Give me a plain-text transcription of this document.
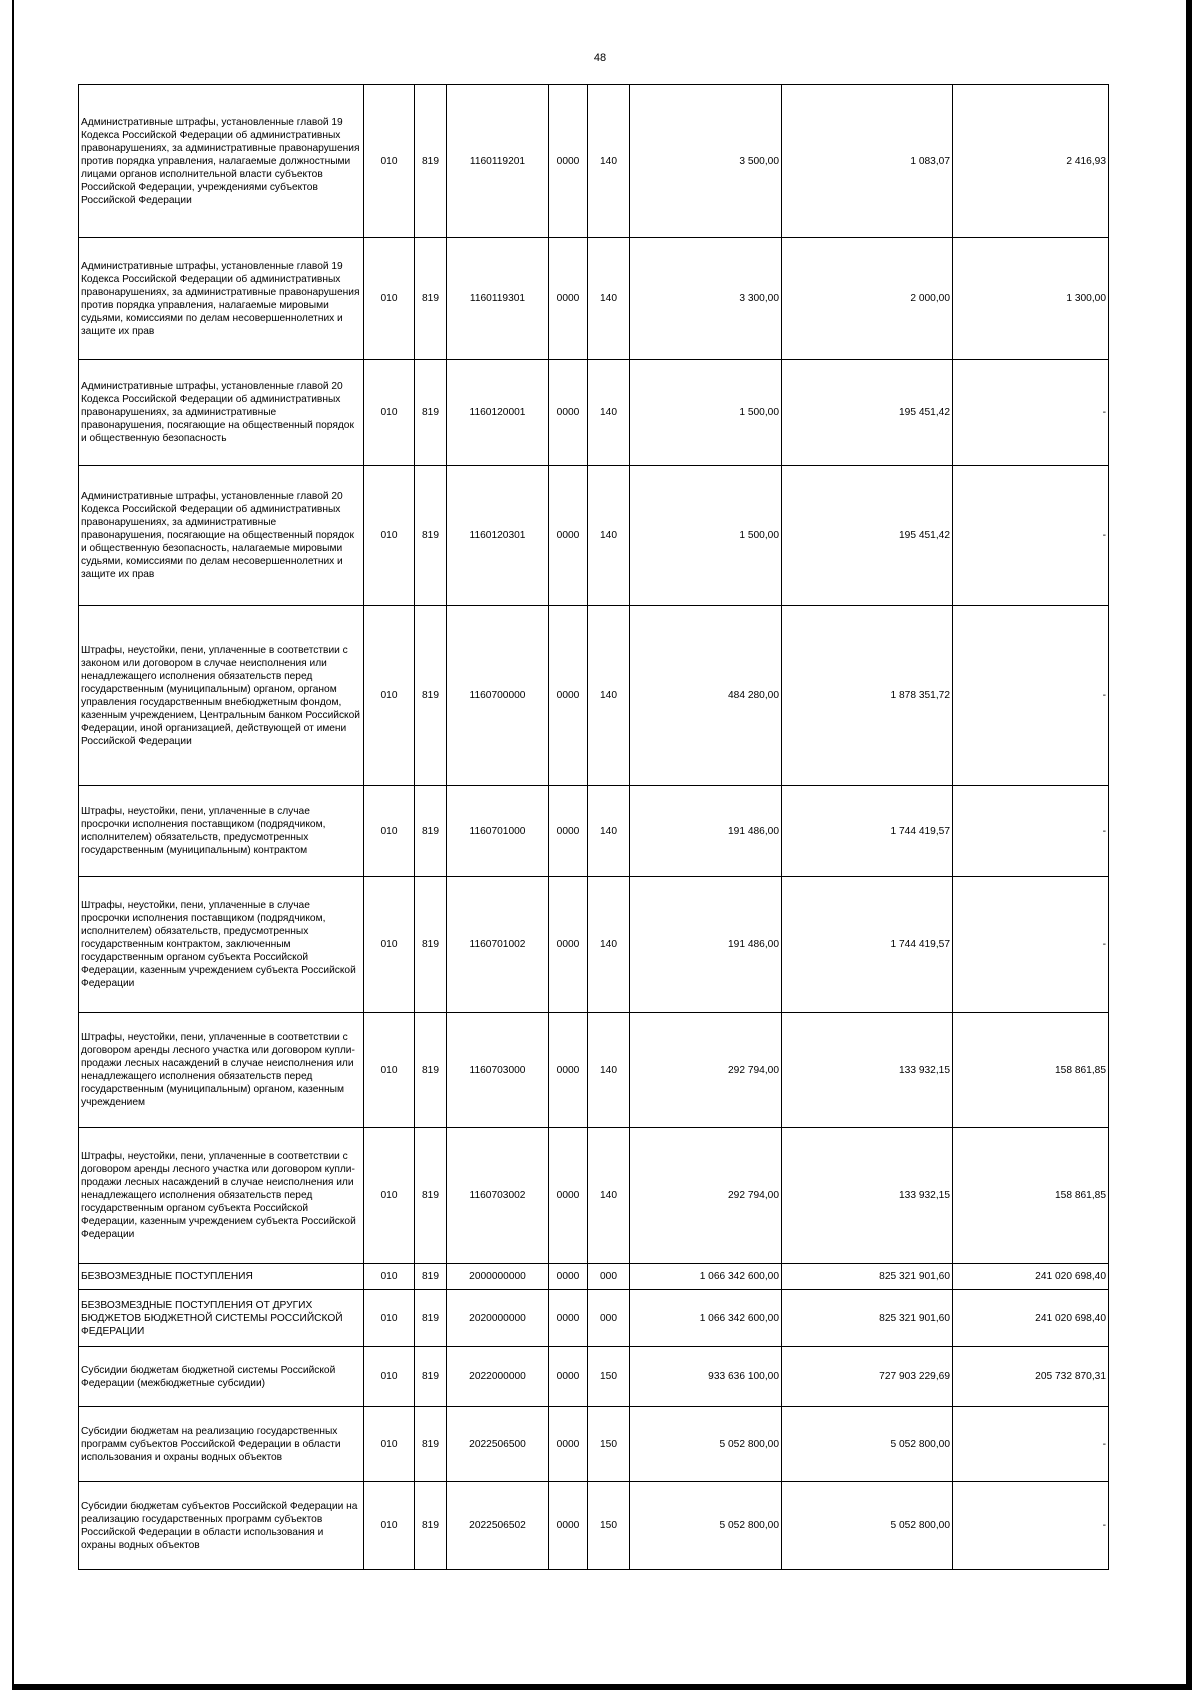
48
Административные штрафы, установленные главой 19 Кодекса Российской Федерации об административных правонарушениях, за административные правонарушения против порядка управления, налагаемые должностными лицами органов исполнительной власти субъектов Российской Федерации, учреждениями субъектов Российской Федерации	010	819	1160119201	0000	140	3 500,00	1 083,07	2 416,93
Административные штрафы, установленные главой 19 Кодекса Российской Федерации об административных правонарушениях, за административные правонарушения против порядка управления, налагаемые мировыми судьями, комиссиями по делам несовершеннолетних и защите их прав	010	819	1160119301	0000	140	3 300,00	2 000,00	1 300,00
Административные штрафы, установленные главой 20 Кодекса Российской Федерации об административных правонарушениях, за административные правонарушения, посягающие на общественный порядок и общественную безопасность	010	819	1160120001	0000	140	1 500,00	195 451,42	-
Административные штрафы, установленные главой 20 Кодекса Российской Федерации об административных правонарушениях, за административные правонарушения, посягающие на общественный порядок и общественную безопасность, налагаемые мировыми судьями, комиссиями по делам несовершеннолетних и защите их прав	010	819	1160120301	0000	140	1 500,00	195 451,42	-
Штрафы, неустойки, пени, уплаченные в соответствии с законом или договором в случае неисполнения или ненадлежащего исполнения обязательств перед государственным (муниципальным) органом, органом управления государственным внебюджетным фондом, казенным учреждением, Центральным банком Российской Федерации, иной организацией, действующей от имени Российской Федерации	010	819	1160700000	0000	140	484 280,00	1 878 351,72	-
Штрафы, неустойки, пени, уплаченные в случае просрочки исполнения поставщиком (подрядчиком, исполнителем) обязательств, предусмотренных государственным (муниципальным) контрактом	010	819	1160701000	0000	140	191 486,00	1 744 419,57	-
Штрафы, неустойки, пени, уплаченные в случае просрочки исполнения поставщиком (подрядчиком, исполнителем) обязательств, предусмотренных государственным контрактом, заключенным государственным органом субъекта Российской Федерации, казенным учреждением субъекта Российской Федерации	010	819	1160701002	0000	140	191 486,00	1 744 419,57	-
Штрафы, неустойки, пени, уплаченные в соответствии с договором аренды лесного участка или договором купли-продажи лесных насаждений в случае неисполнения или ненадлежащего исполнения обязательств перед государственным (муниципальным) органом, казенным учреждением	010	819	1160703000	0000	140	292 794,00	133 932,15	158 861,85
Штрафы, неустойки, пени, уплаченные в соответствии с договором аренды лесного участка или договором купли-продажи лесных насаждений в случае неисполнения или ненадлежащего исполнения обязательств перед государственным органом субъекта Российской Федерации, казенным учреждением субъекта Российской Федерации	010	819	1160703002	0000	140	292 794,00	133 932,15	158 861,85
БЕЗВОЗМЕЗДНЫЕ ПОСТУПЛЕНИЯ	010	819	2000000000	0000	000	1 066 342 600,00	825 321 901,60	241 020 698,40
БЕЗВОЗМЕЗДНЫЕ ПОСТУПЛЕНИЯ ОТ ДРУГИХ БЮДЖЕТОВ БЮДЖЕТНОЙ СИСТЕМЫ РОССИЙСКОЙ ФЕДЕРАЦИИ	010	819	2020000000	0000	000	1 066 342 600,00	825 321 901,60	241 020 698,40
Субсидии бюджетам бюджетной системы Российской Федерации (межбюджетные субсидии)	010	819	2022000000	0000	150	933 636 100,00	727 903 229,69	205 732 870,31
Субсидии бюджетам на реализацию государственных программ субъектов Российской Федерации в области использования и охраны водных объектов	010	819	2022506500	0000	150	5 052 800,00	5 052 800,00	-
Субсидии бюджетам субъектов Российской Федерации на реализацию государственных программ субъектов Российской Федерации в области использования и охраны водных объектов	010	819	2022506502	0000	150	5 052 800,00	5 052 800,00	-
